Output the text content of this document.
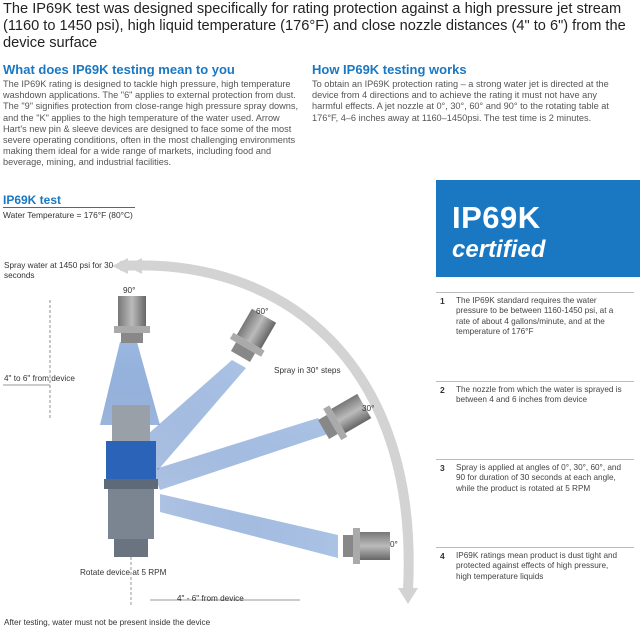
The IP69K test was designed specifically for rating protection against a high pressure jet stream (1160 to 1450 psi), high liquid temperature (176°F) and close nozzle distances (4" to 6") from the device surface
What does IP69K testing mean to you
The IP69K rating is designed to tackle high pressure, high temperature washdown applications. The "6" applies to external protection from dust. The "9" signifies protection from close-range high pressure spray downs, and the "K" applies to the high temperature of the water used. Arrow Hart's new pin & sleeve devices are designed to face some of the most severe operating conditions, often in the most challenging environments making them ideal for a wide range of markets, including food and beverage, mining, and industrial facilities.
How IP69K testing works
To obtain an IP69K protection rating – a strong water jet is directed at the device from 4 directions and to achieve the rating it must not have any harmful effects. A jet nozzle at 0°, 30°, 60° and 90° to the rotating table at 176°F, 4–6 inches away at 1160–1450psi. The test time is 2 minutes.
IP69K test
Water Temperature = 176°F (80°C)
Spray water at 1450 psi for 30 seconds
90°
60°
30°
0°
4" to 6" from device
Spray in 30° steps
Rotate device at 5 RPM
4" - 6" from device
After testing, water must not be present inside the device
IP69K
certified
1 The IP69K standard requires the water pressure to be between 1160-1450 psi, at a rate of about 4 gallons/minute, and at the temperature of 176°F
2 The nozzle from which the water is sprayed is between 4 and 6 inches from device
3 Spray is applied at angles of 0°, 30°, 60°, and 90 for duration of 30 seconds at each angle, while the product is rotated at 5 RPM
4 IP69K ratings mean product is dust tight and protected against effects of high pressure, high temperature liquids
